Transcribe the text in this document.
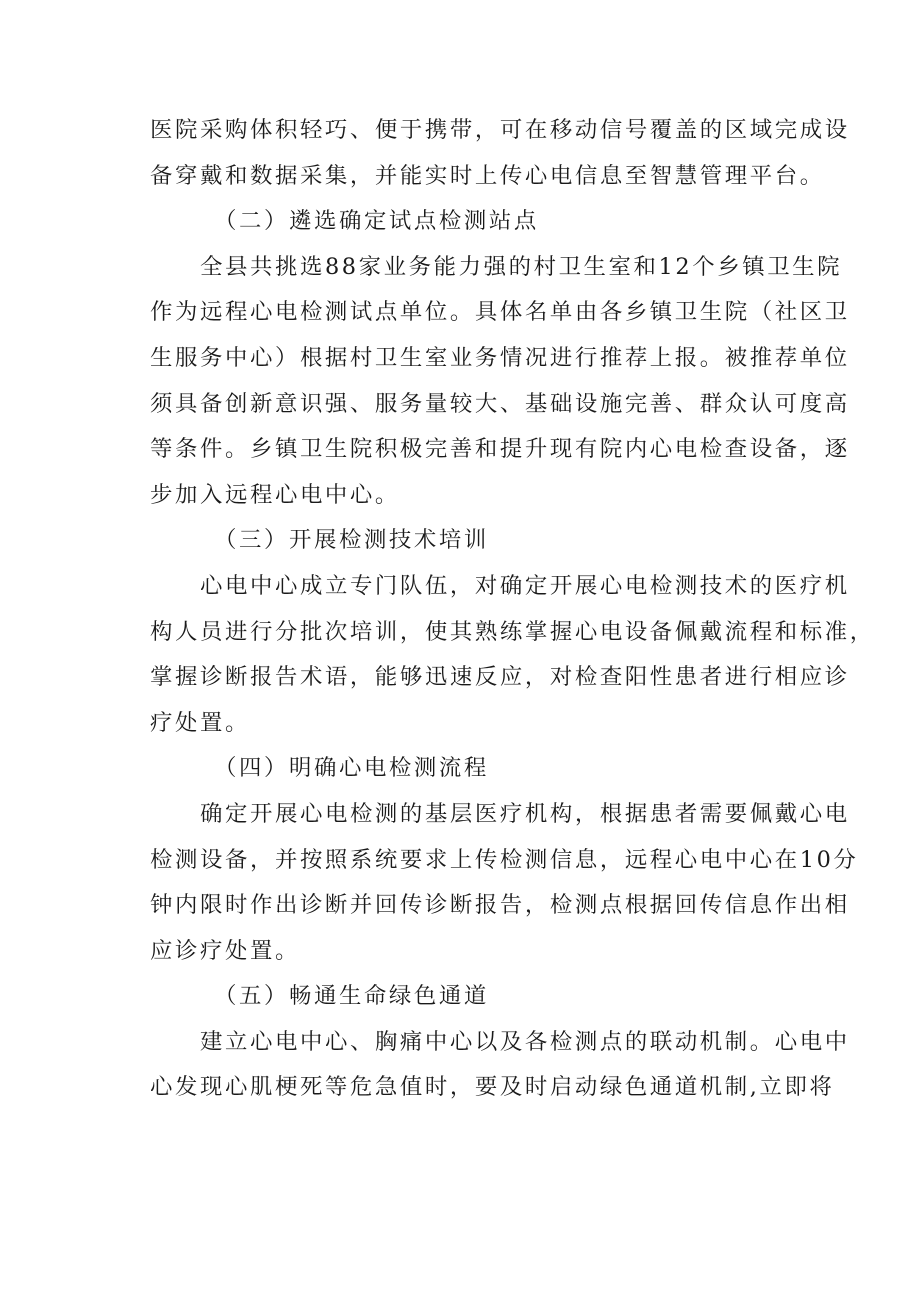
医院采购体积轻巧、便于携带，可在移动信号覆盖的区域完成设
备穿戴和数据采集，并能实时上传心电信息至智慧管理平台。
（二）遴选确定试点检测站点
全县共挑选88家业务能力强的村卫生室和12个乡镇卫生院
作为远程心电检测试点单位。具体名单由各乡镇卫生院（社区卫
生服务中心）根据村卫生室业务情况进行推荐上报。被推荐单位
须具备创新意识强、服务量较大、基础设施完善、群众认可度高
等条件。乡镇卫生院积极完善和提升现有院内心电检查设备，逐
步加入远程心电中心。
（三）开展检测技术培训
心电中心成立专门队伍，对确定开展心电检测技术的医疗机
构人员进行分批次培训，使其熟练掌握心电设备佩戴流程和标准，
掌握诊断报告术语，能够迅速反应，对检查阳性患者进行相应诊
疗处置。
（四）明确心电检测流程
确定开展心电检测的基层医疗机构，根据患者需要佩戴心电
检测设备，并按照系统要求上传检测信息，远程心电中心在10分
钟内限时作出诊断并回传诊断报告，检测点根据回传信息作出相
应诊疗处置。
（五）畅通生命绿色通道
建立心电中心、胸痛中心以及各检测点的联动机制。心电中
心发现心肌梗死等危急值时，要及时启动绿色通道机制,立即将
